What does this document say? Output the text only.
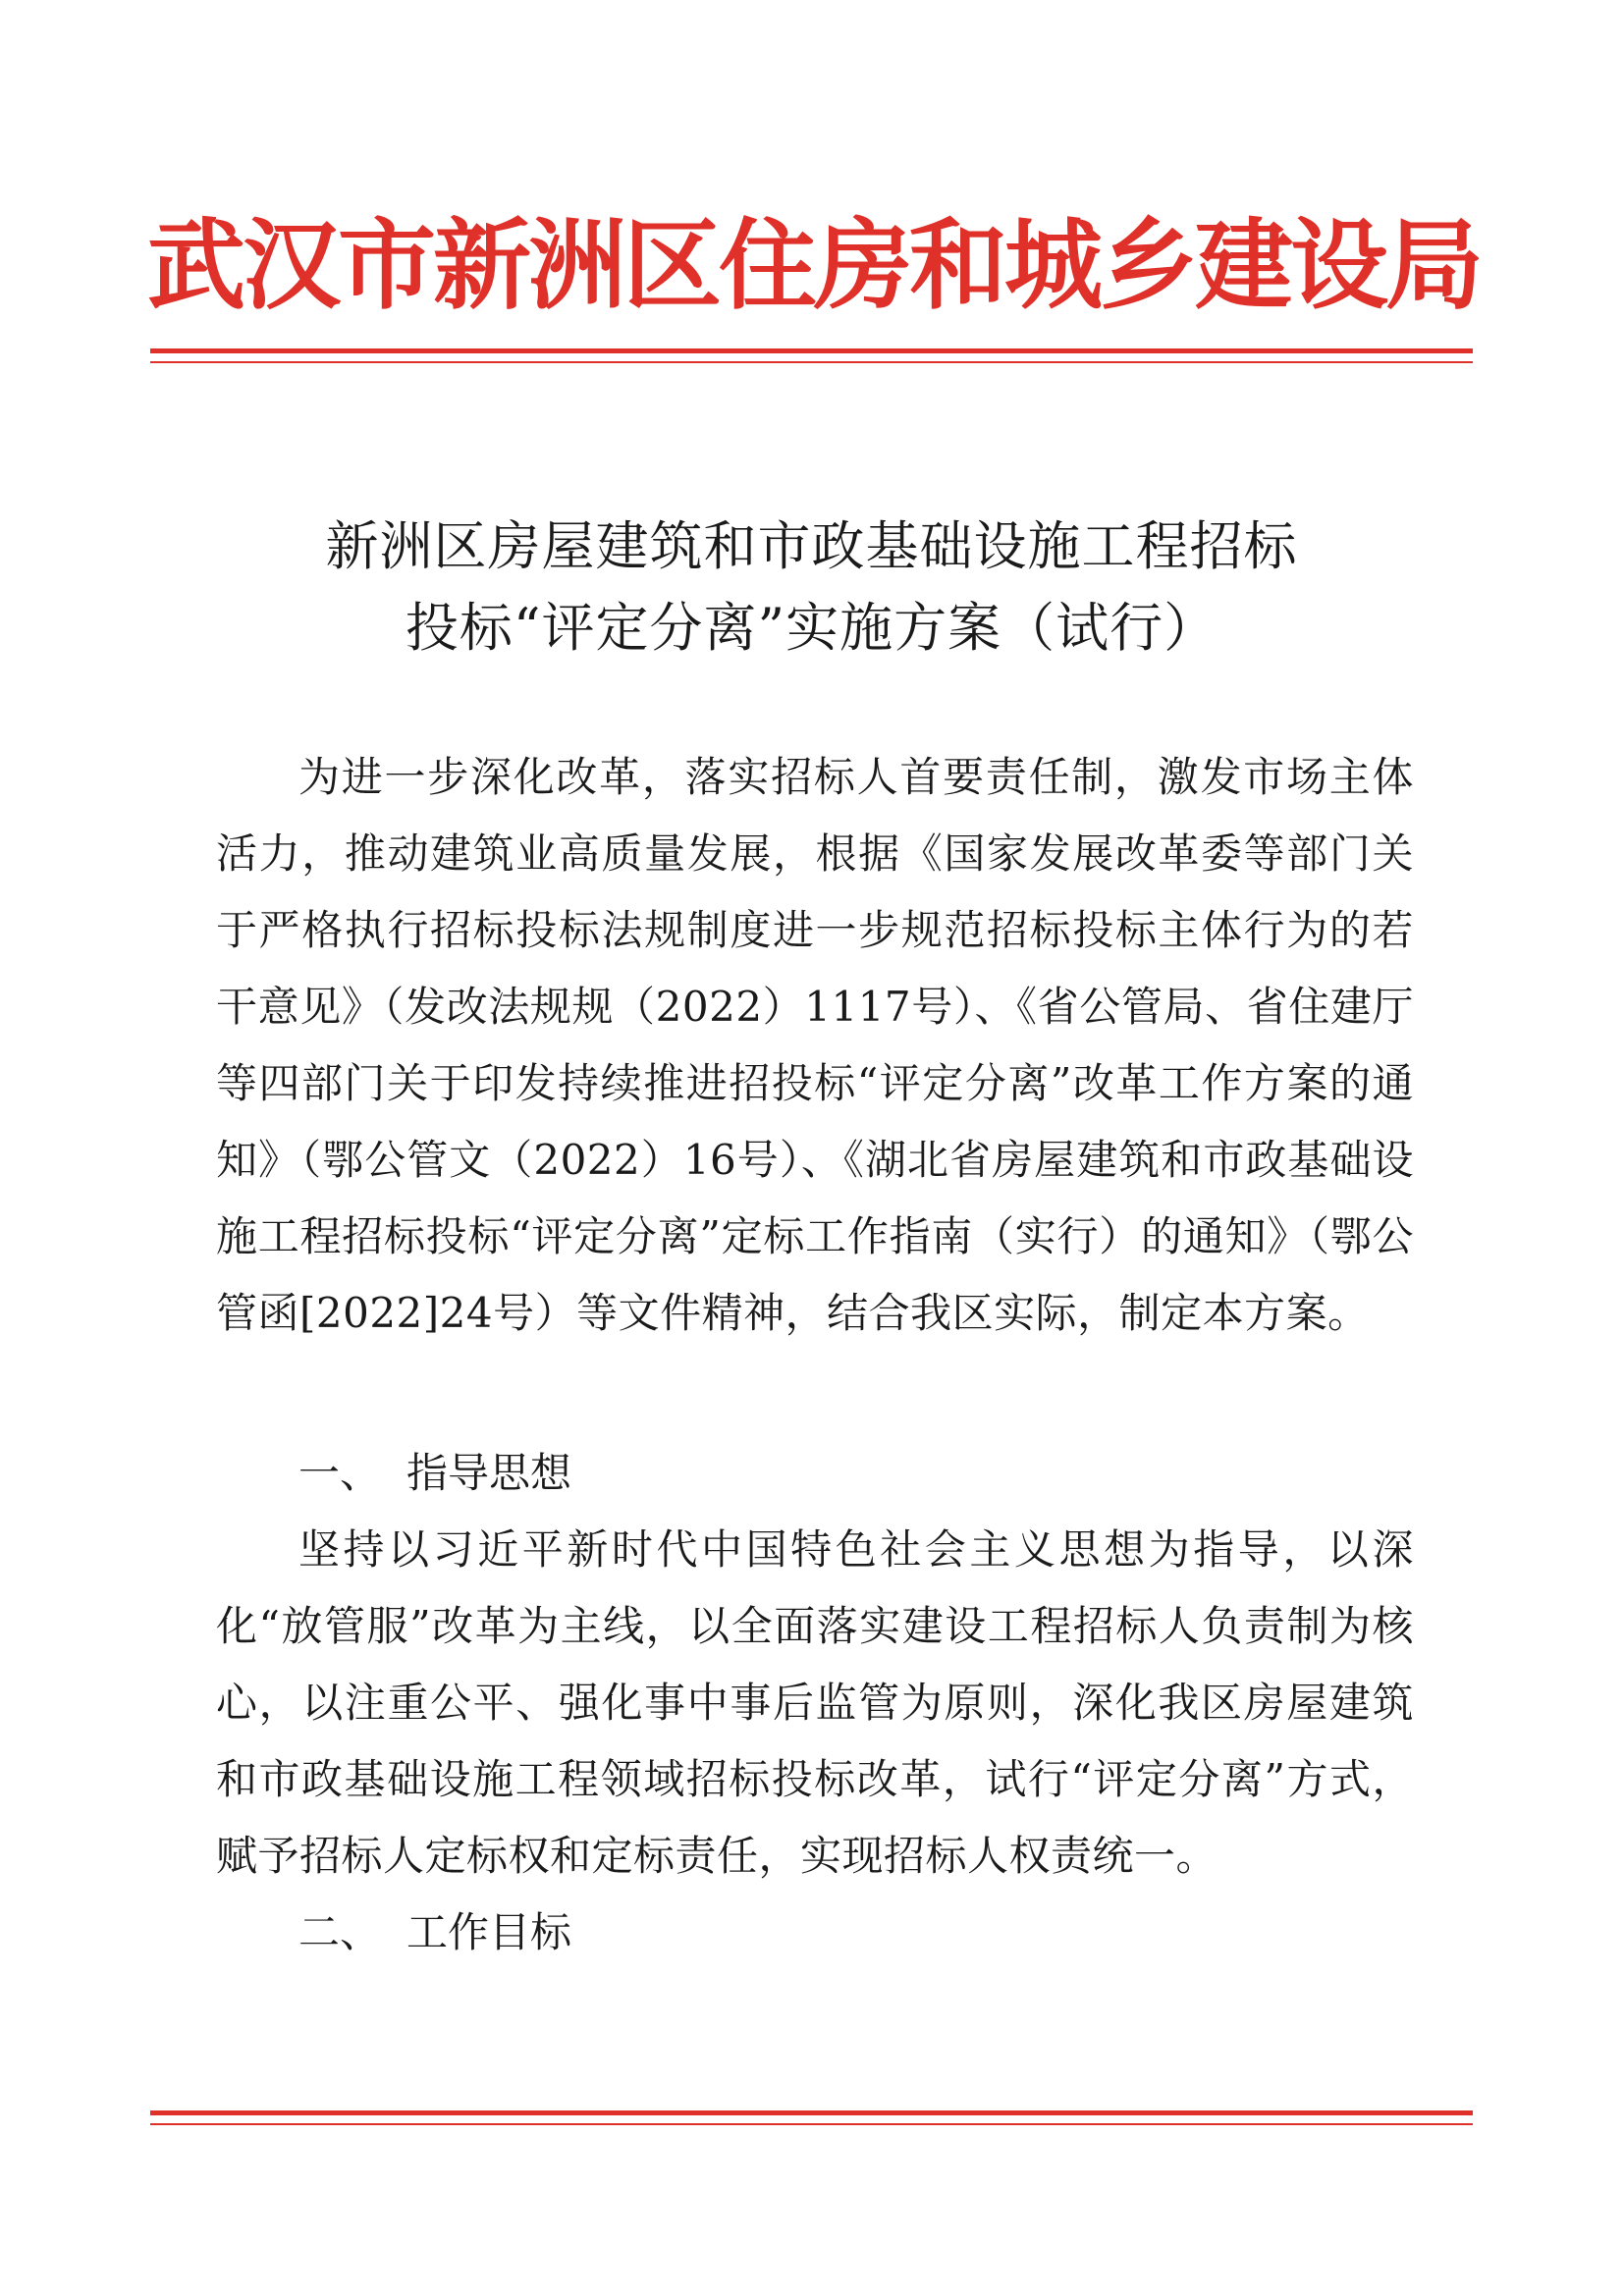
武汉市新洲区住房和城乡建设局
新洲区房屋建筑和市政基础设施工程招标
投标“评定分离”实施方案（试行）

为进一步深化改革，落实招标人首要责任制，激发市场主体活力，推动建筑业高质量发展，根据《国家发展改革委等部门关于严格执行招标投标法规制度进一步规范招标投标主体行为的若干意见》（发改法规规（2022）1117号）、《省公管局、省住建厅等四部门关于印发持续推进招投标“评定分离”改革工作方案的通知》（鄂公管文（2022）16号）、《湖北省房屋建筑和市政基础设施工程招标投标“评定分离”定标工作指南（实行）的通知》（鄂公管函[2022]24号）等文件精神，结合我区实际，制定本方案。

一、 指导思想

坚持以习近平新时代中国特色社会主义思想为指导，以深化“放管服”改革为主线，以全面落实建设工程招标人负责制为核心，以注重公平、强化事中事后监管为原则，深化我区房屋建筑和市政基础设施工程领域招标投标改革，试行“评定分离”方式，赋予招标人定标权和定标责任，实现招标人权责统一。

二、 工作目标
